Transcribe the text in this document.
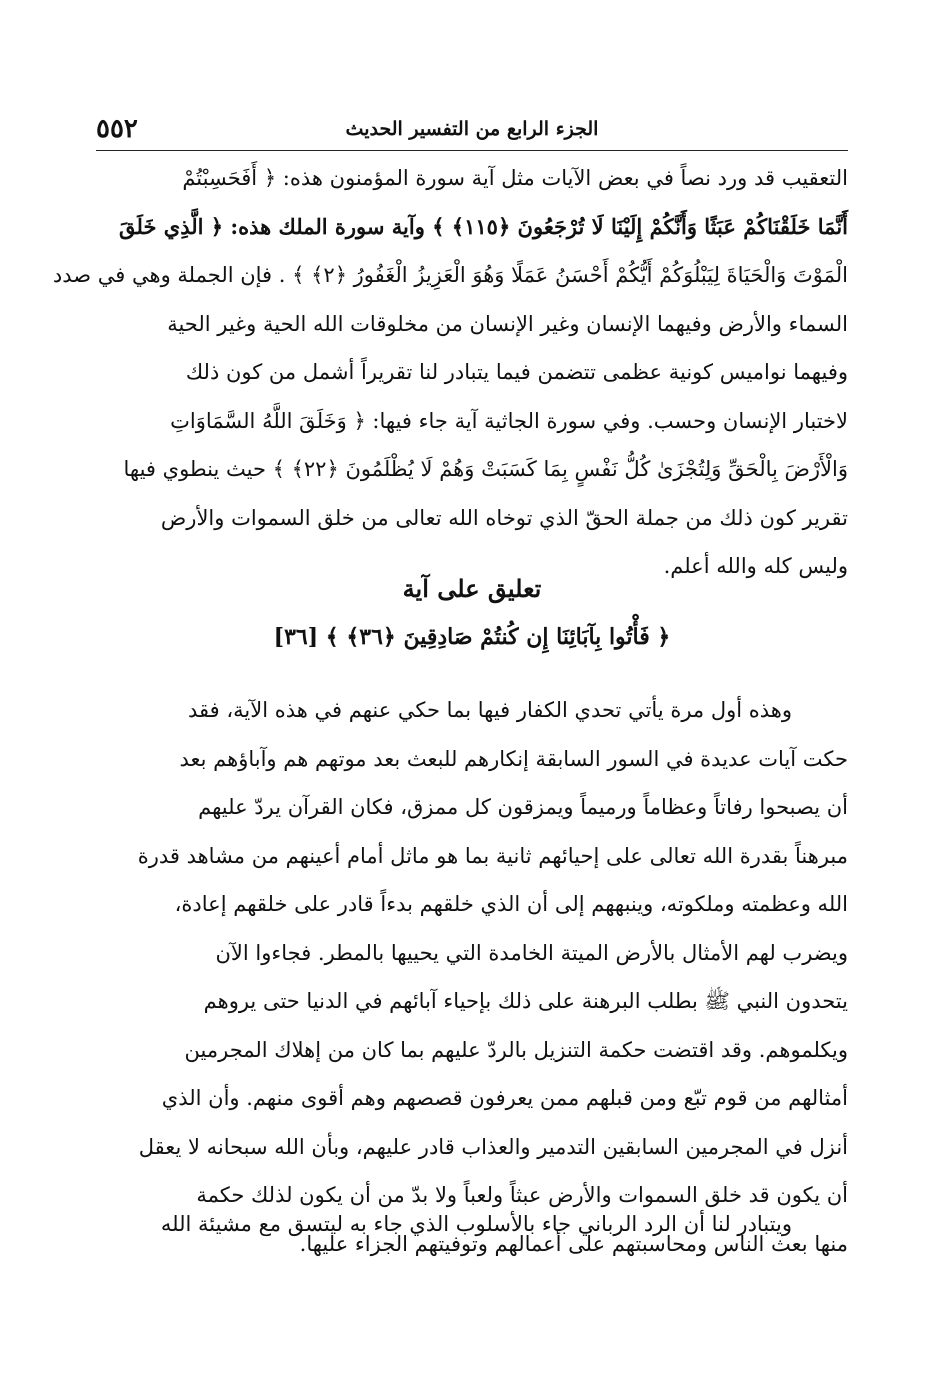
٥٥٢	الجزء الرابع من التفسير الحديث
التعقيب قد ورد نصاً في بعض الآيات مثل آية سورة المؤمنون هذه: ﴿ أَفَحَسِبْتُمْ
أَنَّمَا خَلَقْنَاكُمْ عَبَثًا وَأَنَّكُمْ إِلَيْنَا لَا تُرْجَعُونَ ﴿١١٥﴾ ﴾ وآية سورة الملك هذه: ﴿ الَّذِي خَلَقَ
الْمَوْتَ وَالْحَيَاةَ لِيَبْلُوَكُمْ أَيُّكُمْ أَحْسَنُ عَمَلًا وَهُوَ الْعَزِيزُ الْغَفُورُ ﴿٢﴾ ﴾ . فإن الجملة وهي في صدد
السماء والأرض وفيهما الإنسان وغير الإنسان من مخلوقات الله الحية وغير الحية
وفيهما نواميس كونية عظمى تتضمن فيما يتبادر لنا تقريراً أشمل من كون ذلك
لاختبار الإنسان وحسب. وفي سورة الجاثية آية جاء فيها: ﴿ وَخَلَقَ اللَّهُ السَّمَاوَاتِ
وَالْأَرْضَ بِالْحَقِّ وَلِتُجْزَىٰ كُلُّ نَفْسٍ بِمَا كَسَبَتْ وَهُمْ لَا يُظْلَمُونَ ﴿٢٢﴾ ﴾ حيث ينطوي فيها
تقرير كون ذلك من جملة الحقّ الذي توخاه الله تعالى من خلق السموات والأرض
وليس كله والله أعلم.
تعليق على آية
﴿ فَأْتُوا بِآبَائِنَا إِن كُنتُمْ صَادِقِينَ ﴿٣٦﴾ ﴾ [٣٦]
وهذه أول مرة يأتي تحدي الكفار فيها بما حكي عنهم في هذه الآية، فقد
حكت آيات عديدة في السور السابقة إنكارهم للبعث بعد موتهم هم وآباؤهم بعد
أن يصبحوا رفاتاً وعظاماً ورميماً ويمزقون كل ممزق، فكان القرآن يردّ عليهم
مبرهناً بقدرة الله تعالى على إحيائهم ثانية بما هو ماثل أمام أعينهم من مشاهد قدرة
الله وعظمته وملكوته، وينبههم إلى أن الذي خلقهم بدءاً قادر على خلقهم إعادة،
ويضرب لهم الأمثال بالأرض الميتة الخامدة التي يحييها بالمطر. فجاءوا الآن
يتحدون النبي ﷺ بطلب البرهنة على ذلك بإحياء آبائهم في الدنيا حتى يروهم
ويكلموهم. وقد اقتضت حكمة التنزيل بالردّ عليهم بما كان من إهلاك المجرمين
أمثالهم من قوم تبّع ومن قبلهم ممن يعرفون قصصهم وهم أقوى منهم. وأن الذي
أنزل في المجرمين السابقين التدمير والعذاب قادر عليهم، وبأن الله سبحانه لا يعقل
أن يكون قد خلق السموات والأرض عبثاً ولعباً ولا بدّ من أن يكون لذلك حكمة
منها بعث الناس ومحاسبتهم على أعمالهم وتوفيتهم الجزاء عليها.
ويتبادر لنا أن الرد الرباني جاء بالأسلوب الذي جاء به ليتسق مع مشيئة الله
